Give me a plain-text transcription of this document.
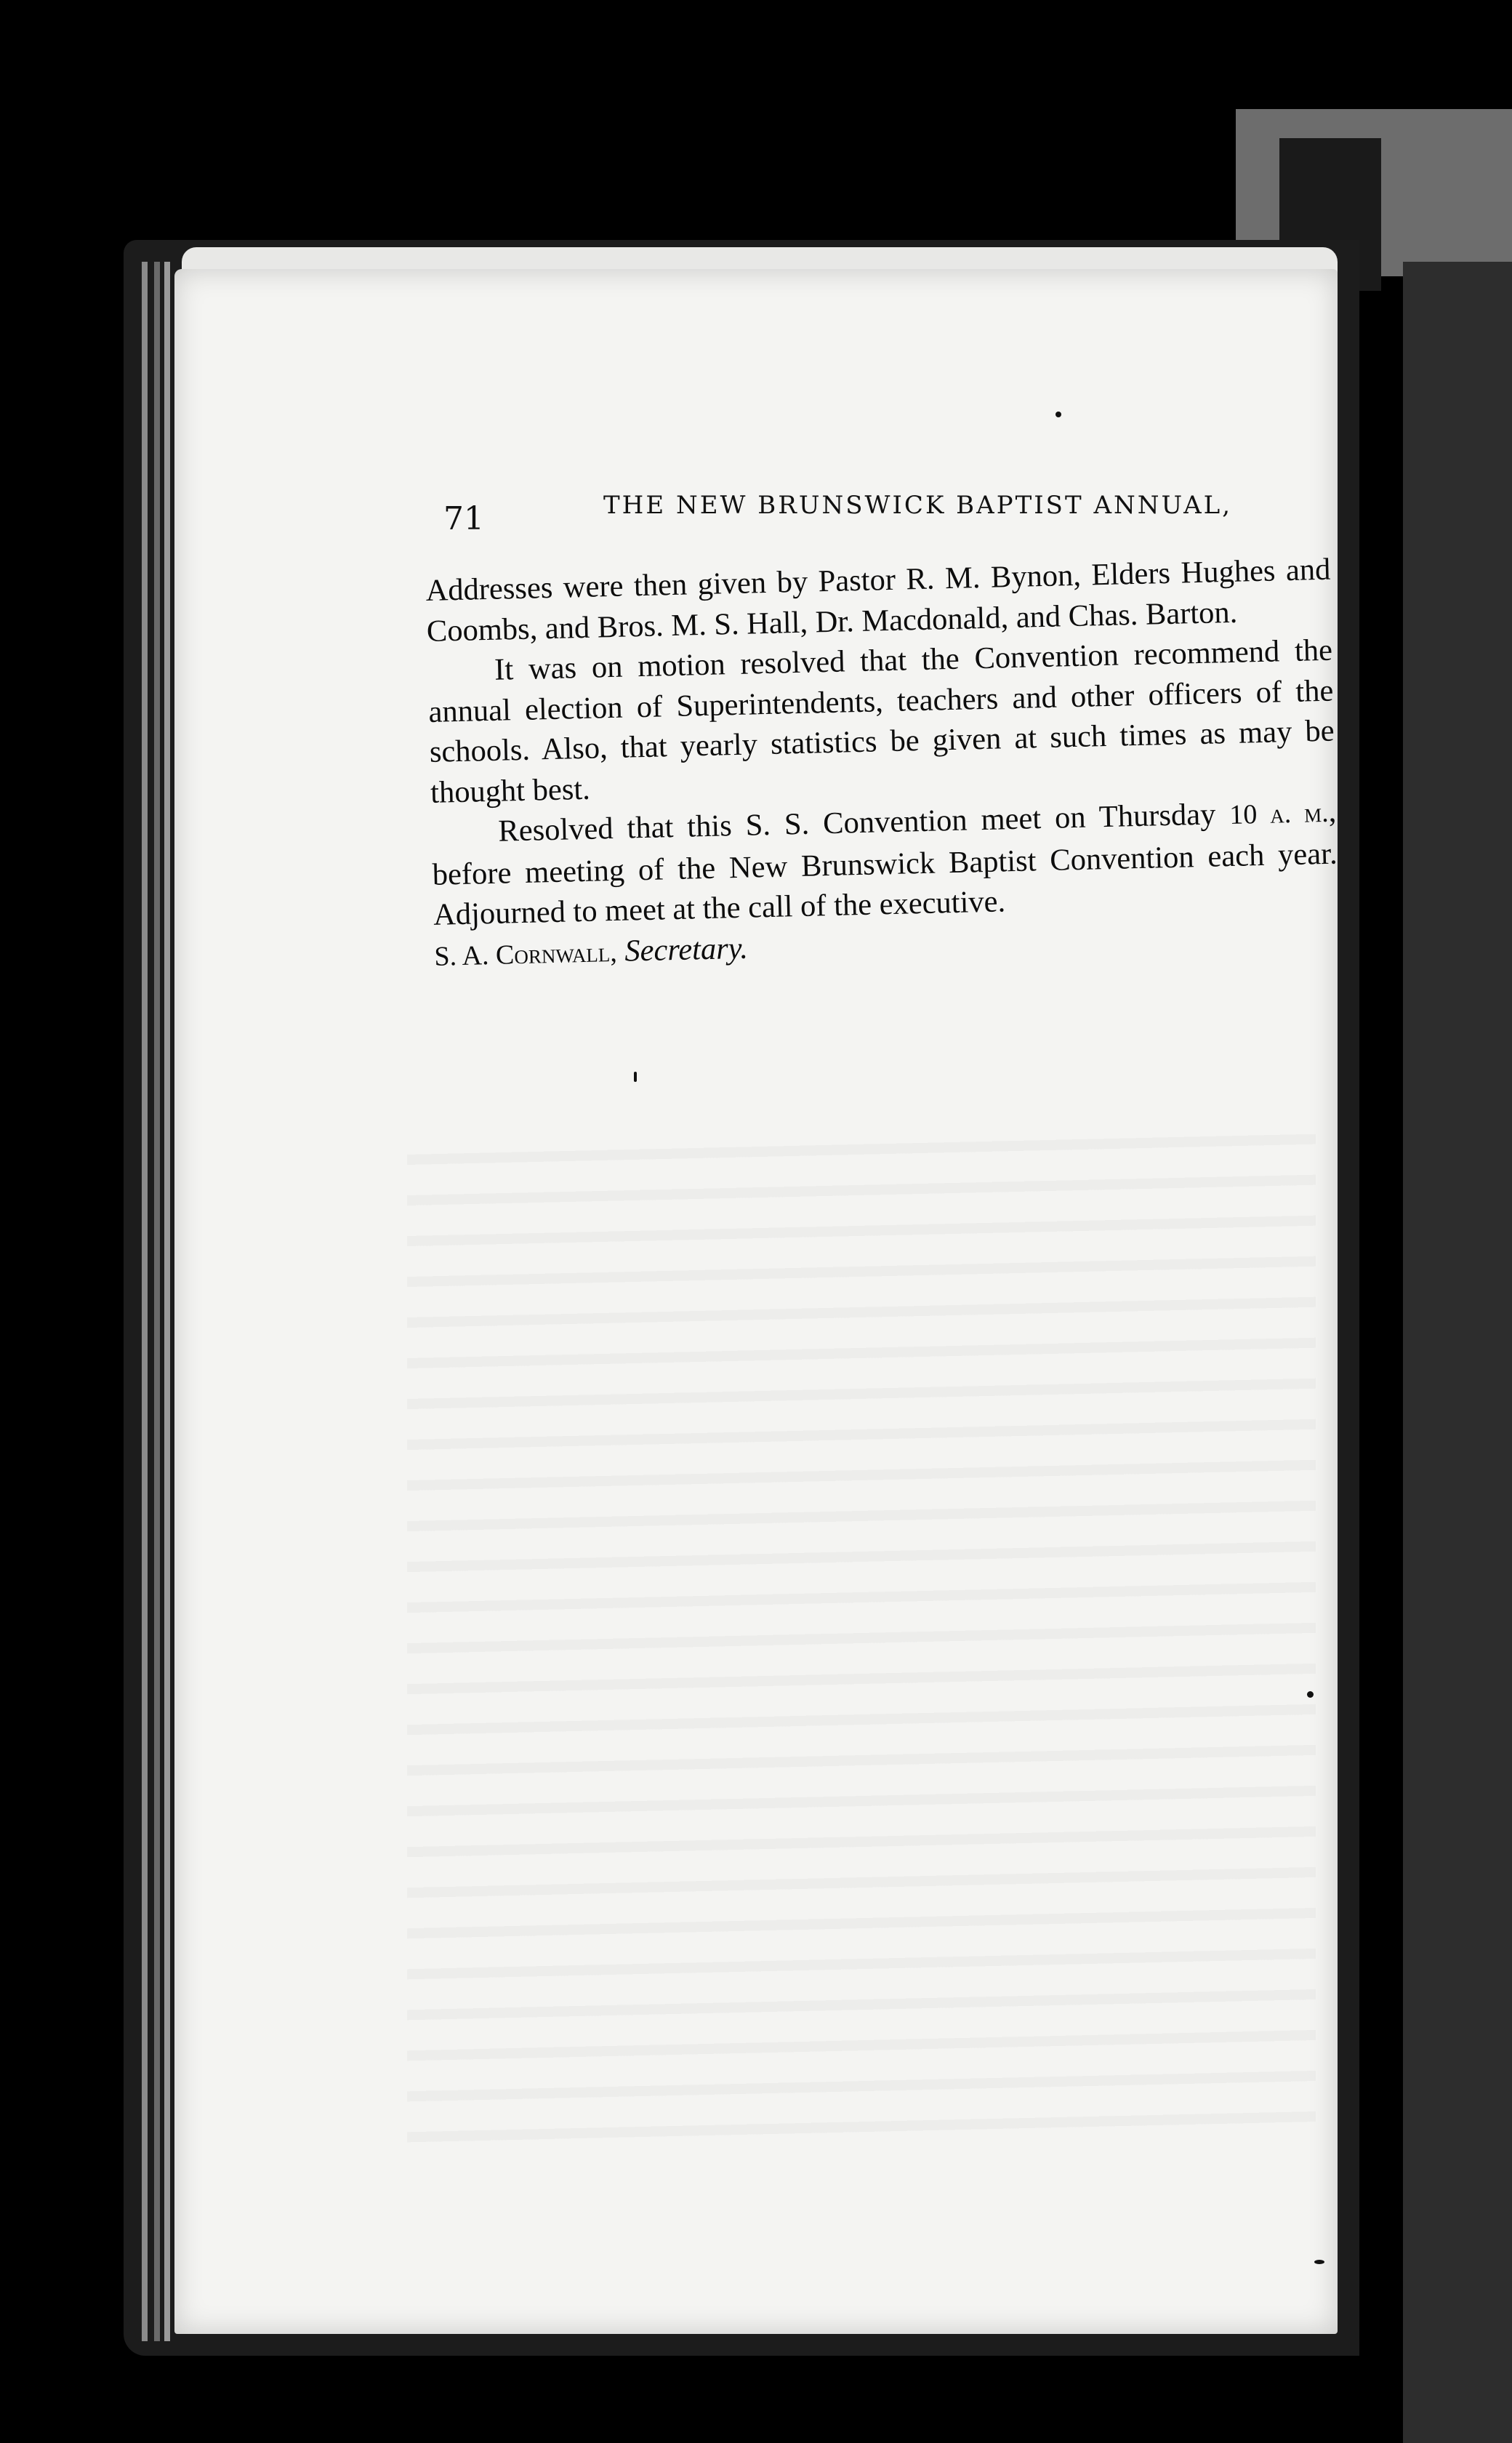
71	THE NEW BRUNSWICK BAPTIST ANNUAL,

Addresses were then given by Pastor R. M. Bynon, Elders Hughes and Coombs, and Bros. M. S. Hall, Dr. Macdonald, and Chas. Barton.

It was on motion resolved that the Convention recommend the annual election of Superintendents, teachers and other officers of the schools. Also, that yearly statistics be given at such times as may be thought best.

Resolved that this S. S. Convention meet on Thursday 10 a. m., before meeting of the New Brunswick Baptist Convention each year. Adjourned to meet at the call of the executive.

S. A. Cornwall, Secretary.
